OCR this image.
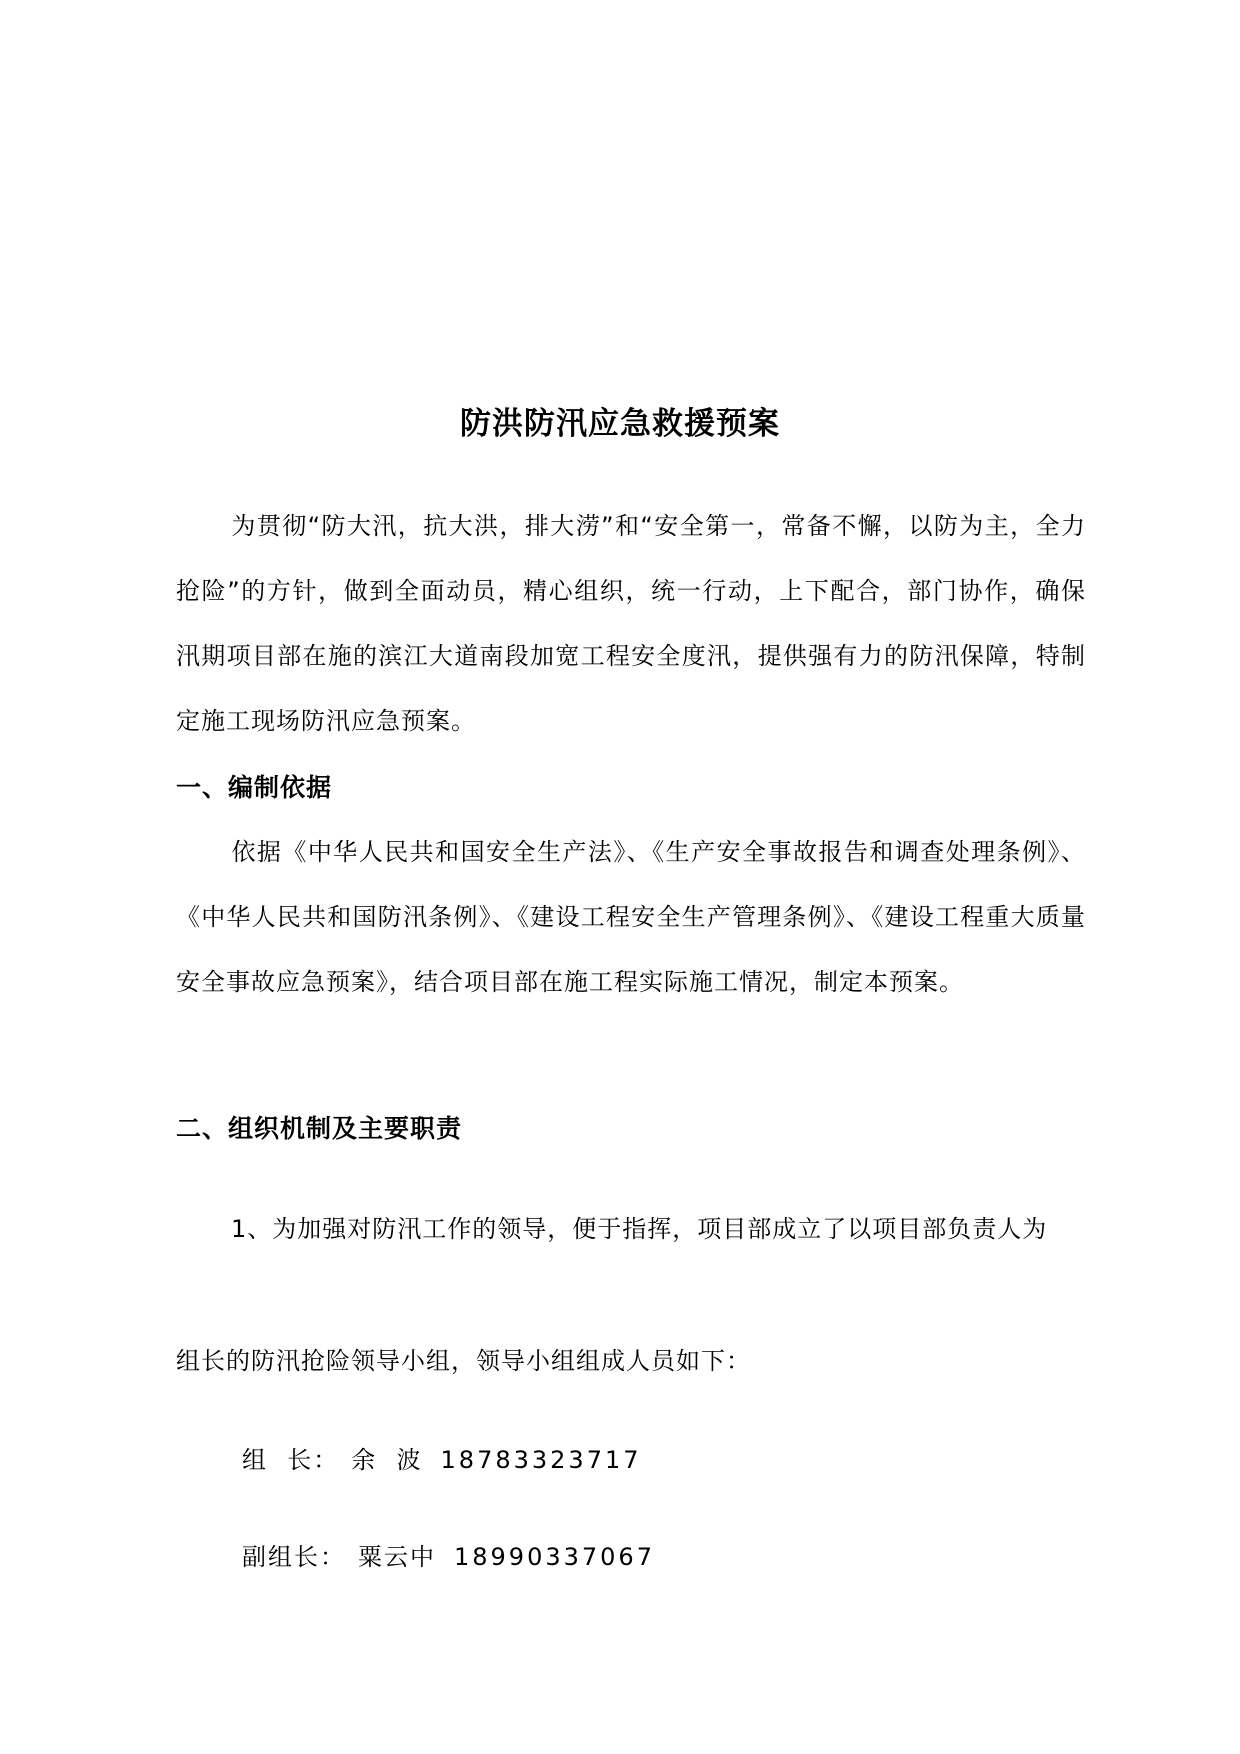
防洪防汛应急救援预案
为贯彻“防大汛，抗大洪，排大涝”和“安全第一，常备不懈，以防为主，全力抢险”的方针，做到全面动员，精心组织，统一行动，上下配合，部门协作，确保汛期项目部在施的滨江大道南段加宽工程安全度汛，提供强有力的防汛保障，特制定施工现场防汛应急预案。
一、编制依据
依据《中华人民共和国安全生产法》、《生产安全事故报告和调查处理条例》、《中华人民共和国防汛条例》、《建设工程安全生产管理条例》、《建设工程重大质量安全事故应急预案》，结合项目部在施工程实际施工情况，制定本预案。
二、组织机制及主要职责
1、为加强对防汛工作的领导，便于指挥，项目部成立了以项目部负责人为
组长的防汛抢险领导小组，领导小组组成人员如下：
组  长： 余  波 18783323717
副组长： 粟云中 18990337067
